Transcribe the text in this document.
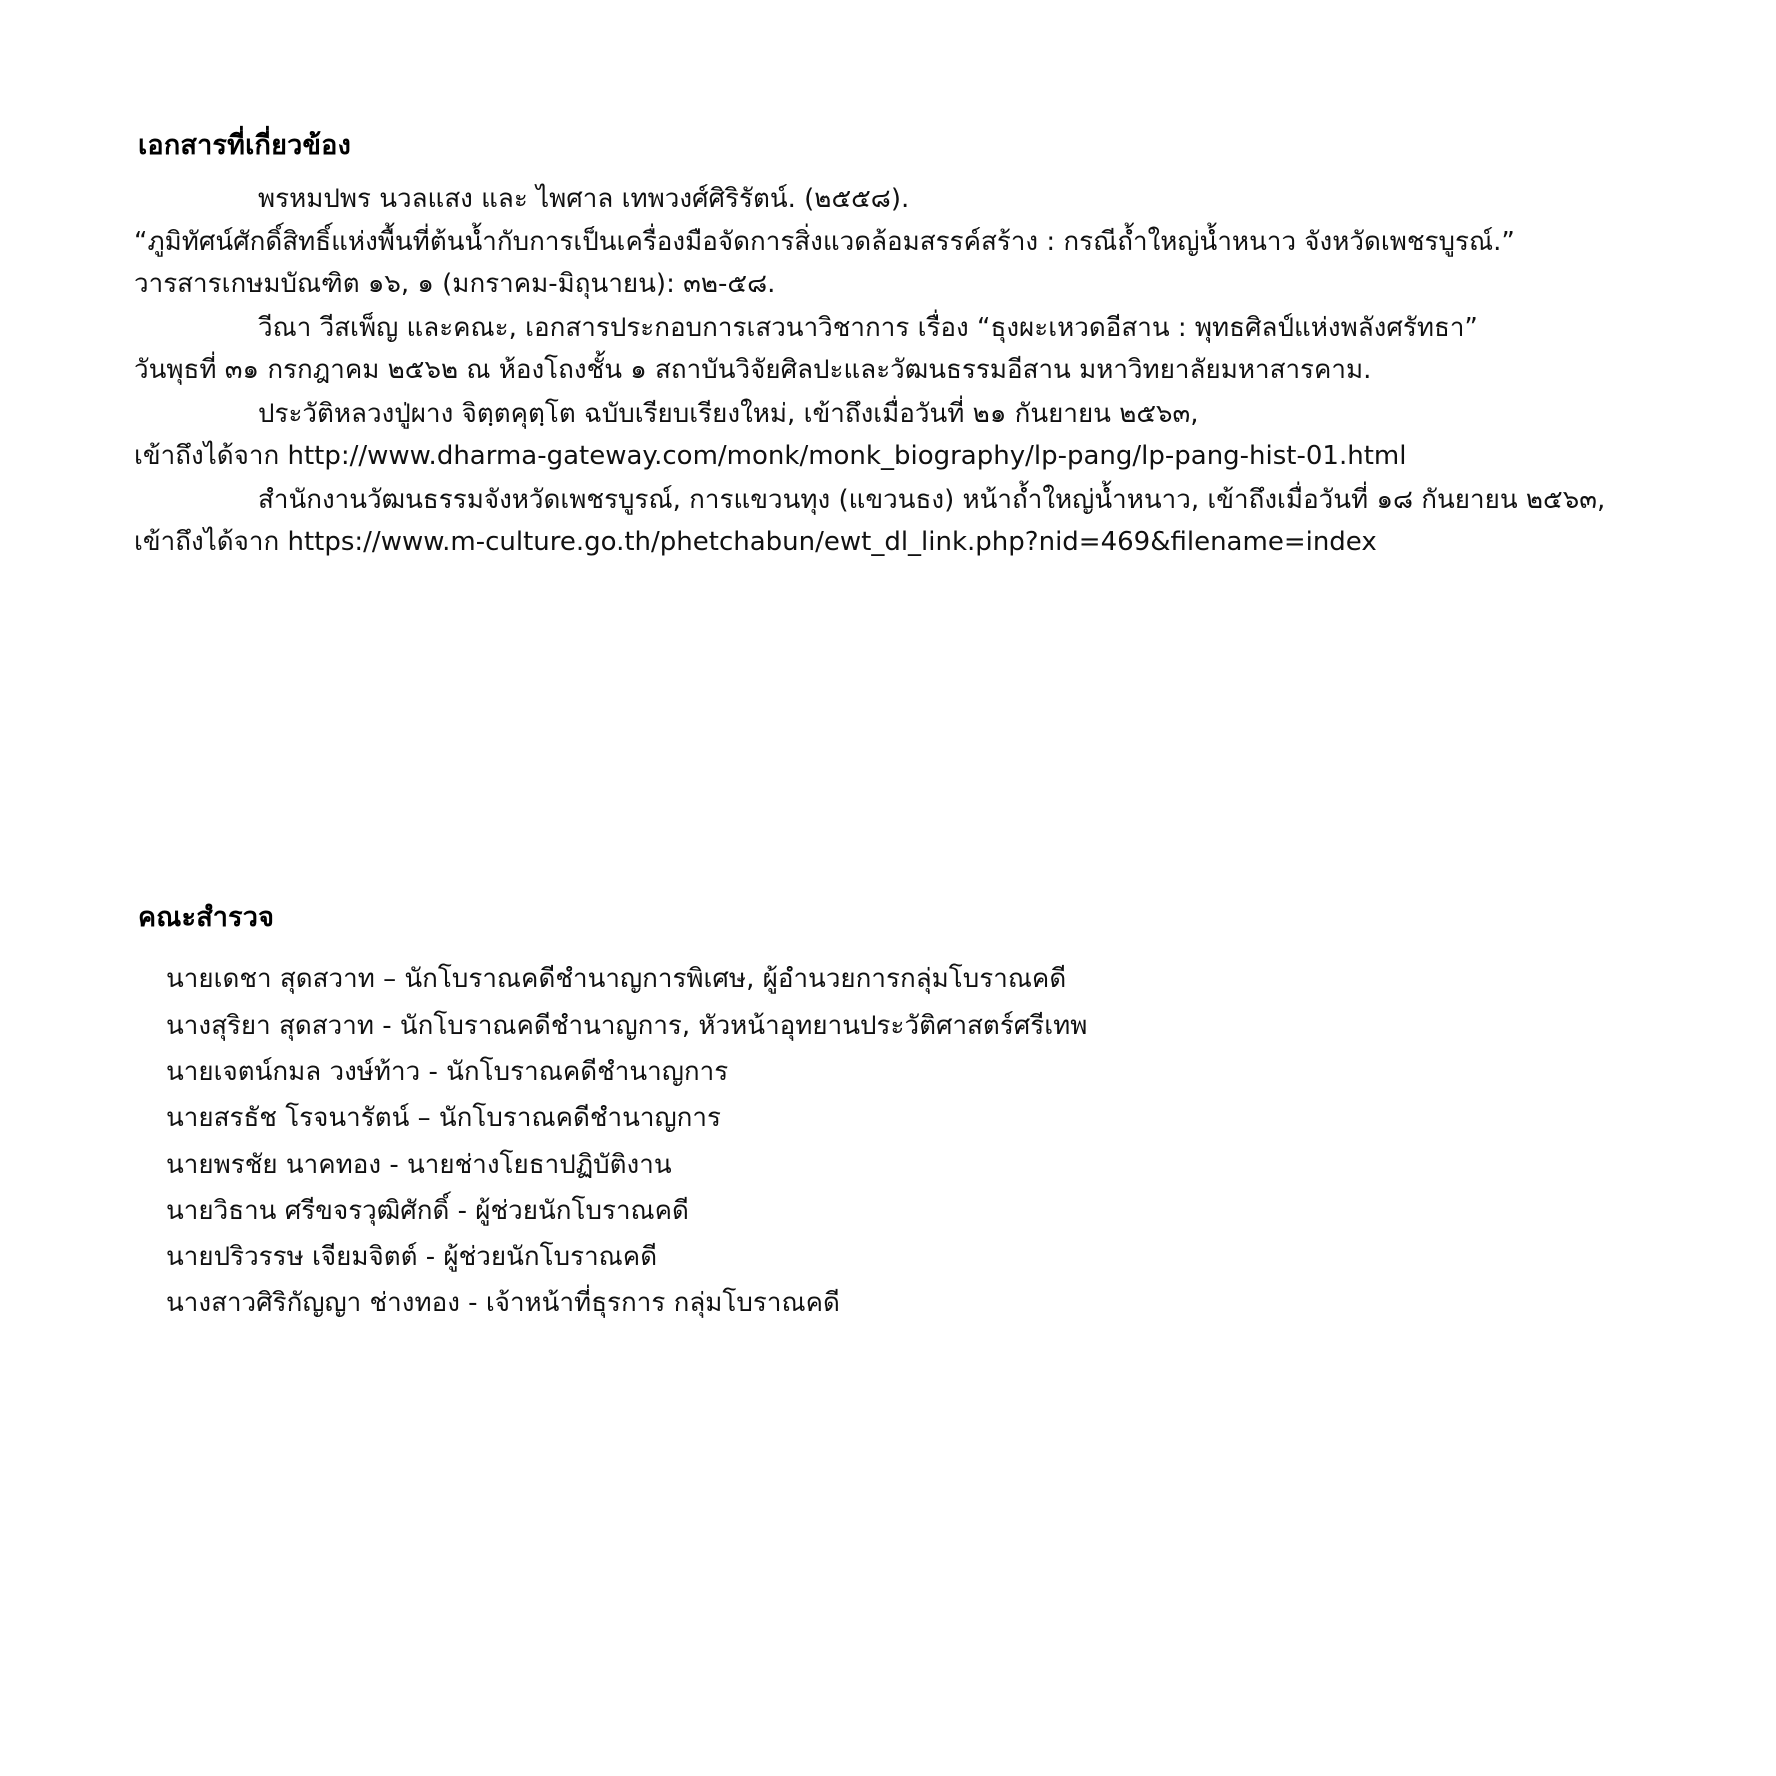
เอกสารที่เกี่ยวข้อง

พรหมปพร นวลแสง และ ไพศาล เทพวงศ์ศิริรัตน์. (๒๕๕๘).
“ภูมิทัศน์ศักดิ์สิทธิ์แห่งพื้นที่ต้นน้ำกับการเป็นเครื่องมือจัดการสิ่งแวดล้อมสรรค์สร้าง : กรณีถ้ำใหญ่น้ำหนาว จังหวัดเพชรบูรณ์.”
วารสารเกษมบัณฑิต ๑๖, ๑ (มกราคม-มิถุนายน): ๓๒-๕๘.

วีณา วีสเพ็ญ และคณะ, เอกสารประกอบการเสวนาวิชาการ เรื่อง “ธุงผะเหวดอีสาน : พุทธศิลป์แห่งพลังศรัทธา”
วันพุธที่ ๓๑ กรกฎาคม ๒๕๖๒ ณ ห้องโถงชั้น ๑ สถาบันวิจัยศิลปะและวัฒนธรรมอีสาน มหาวิทยาลัยมหาสารคาม.

ประวัติหลวงปู่ผาง จิตฺตคุตฺโต ฉบับเรียบเรียงใหม่, เข้าถึงเมื่อวันที่ ๒๑ กันยายน ๒๕๖๓,
เข้าถึงได้จาก http://www.dharma-gateway.com/monk/monk_biography/lp-pang/lp-pang-hist-01.html

สำนักงานวัฒนธรรมจังหวัดเพชรบูรณ์, การแขวนทุง (แขวนธง) หน้าถ้ำใหญ่น้ำหนาว, เข้าถึงเมื่อวันที่ ๑๘ กันยายน ๒๕๖๓,
เข้าถึงได้จาก https://www.m-culture.go.th/phetchabun/ewt_dl_link.php?nid=469&filename=index

คณะสำรวจ
นายเดชา สุดสวาท – นักโบราณคดีชำนาญการพิเศษ, ผู้อำนวยการกลุ่มโบราณคดี
นางสุริยา สุดสวาท - นักโบราณคดีชำนาญการ, หัวหน้าอุทยานประวัติศาสตร์ศรีเทพ
นายเจตน์กมล วงษ์ท้าว - นักโบราณคดีชำนาญการ
นายสรธัช โรจนารัตน์ – นักโบราณคดีชำนาญการ
นายพรชัย นาคทอง - นายช่างโยธาปฏิบัติงาน
นายวิธาน ศรีขจรวุฒิศักดิ์ - ผู้ช่วยนักโบราณคดี
นายปริวรรษ เจียมจิตต์ - ผู้ช่วยนักโบราณคดี
นางสาวศิริกัญญา ช่างทอง - เจ้าหน้าที่ธุรการ กลุ่มโบราณคดี
